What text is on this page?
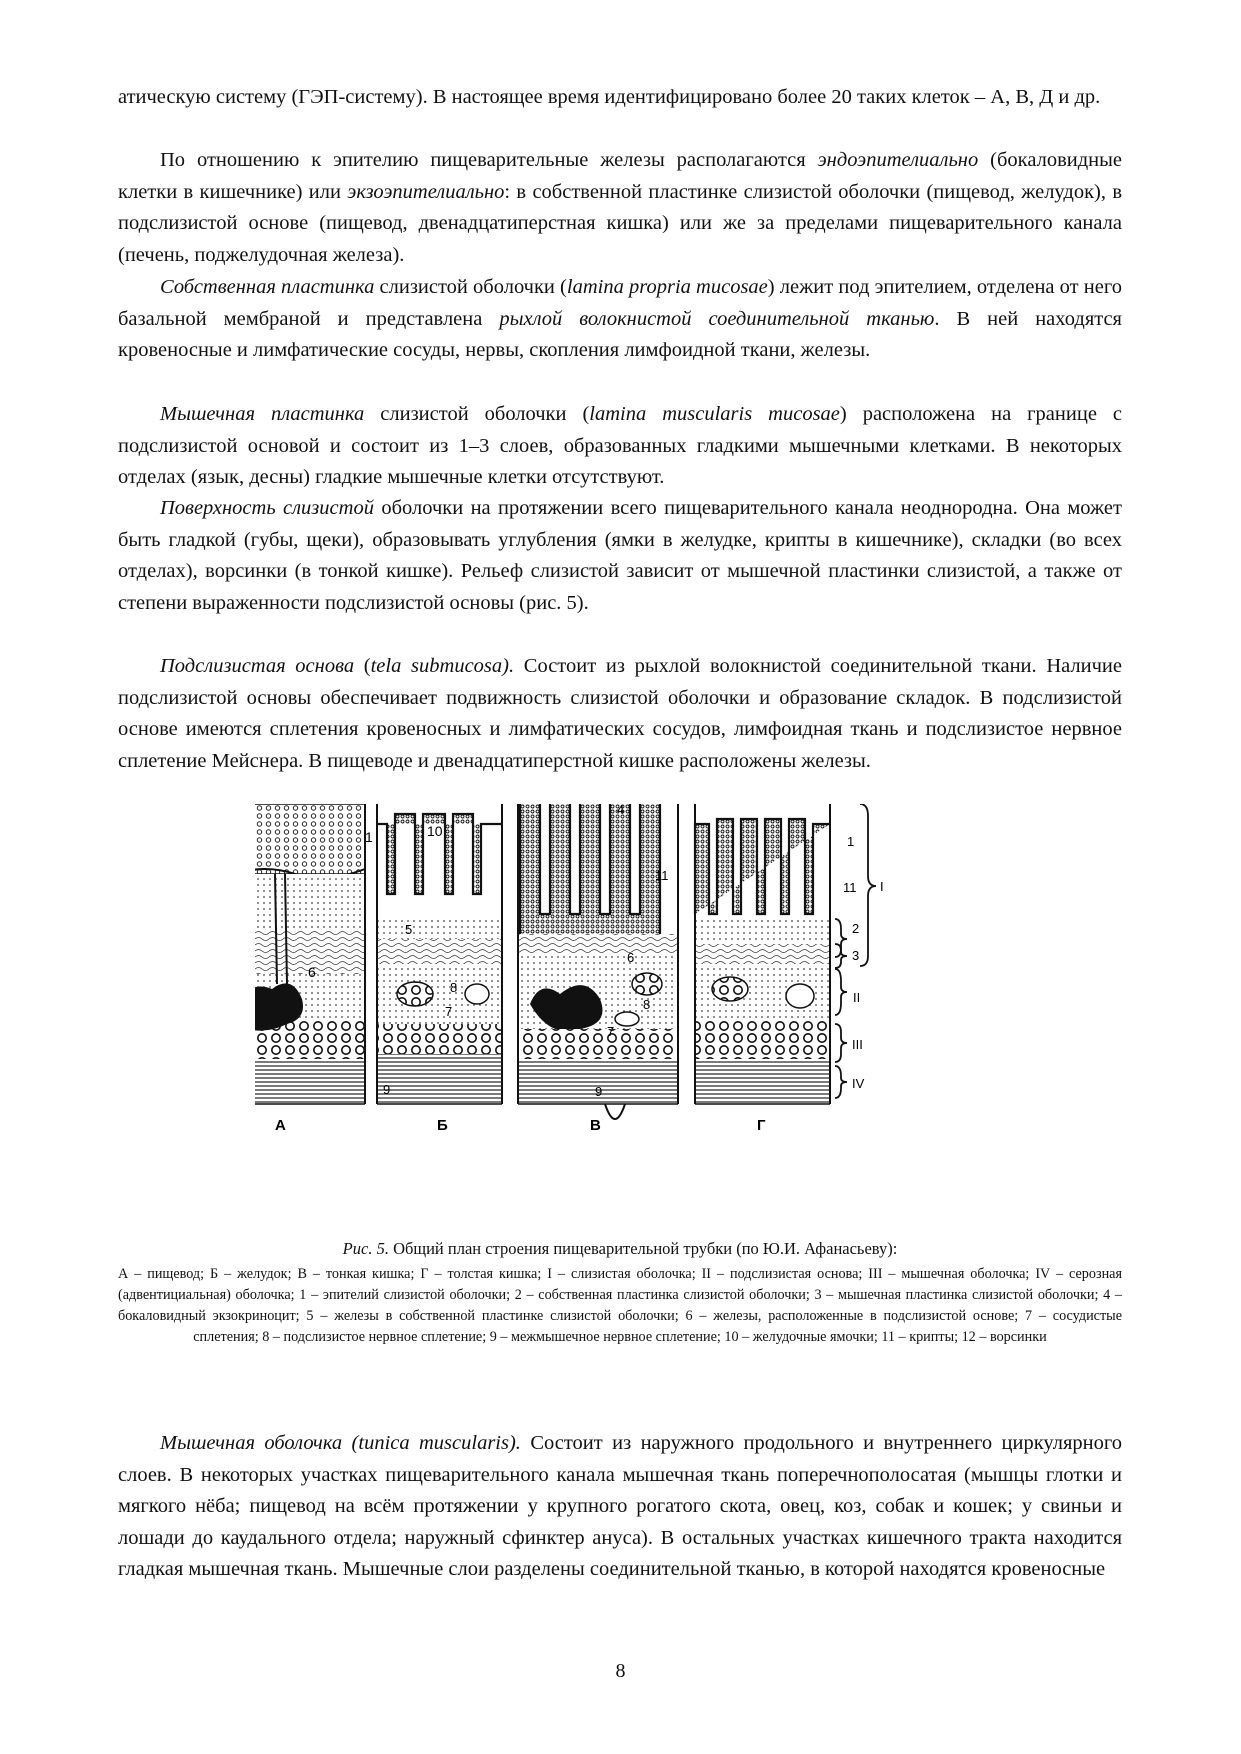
атическую систему (ГЭП-систему). В настоящее время идентифицировано более 20 таких клеток – А, В, Д и др.

По отношению к эпителию пищеварительные железы располагаются эндоэпителиально (бокаловидные клетки в кишечнике) или экзоэпителиально: в собственной пластинке слизистой оболочки (пищевод, желудок), в подслизистой основе (пищевод, двенадцатиперстная кишка) или же за пределами пищеварительного канала (печень, поджелудочная железа).

Собственная пластинка слизистой оболочки (lamina propria mucosae) лежит под эпителием, отделена от него базальной мембраной и представлена рыхлой волокнистой соединительной тканью. В ней находятся кровеносные и лимфатические сосуды, нервы, скопления лимфоидной ткани, железы.

Мышечная пластинка слизистой оболочки (lamina muscularis mucosae) расположена на границе с подслизистой основой и состоит из 1–3 слоев, образованных гладкими мышечными клетками. В некоторых отделах (язык, десны) гладкие мышечные клетки отсутствуют.

Поверхность слизистой оболочки на протяжении всего пищеварительного канала неоднородна. Она может быть гладкой (губы, щеки), образовывать углубления (ямки в желудке, крипты в кишечнике), складки (во всех отделах), ворсинки (в тонкой кишке). Рельеф слизистой зависит от мышечной пластинки слизистой, а также от степени выраженности подслизистой основы (рис. 5).

Подслизистая основа (tela submucosa). Состоит из рыхлой волокнистой соединительной ткани. Наличие подслизистой основы обеспечивает подвижность слизистой оболочки и образование складок. В подслизистой основе имеются сплетения кровеносных и лимфатических сосудов, лимфоидная ткань и подслизистое нервное сплетение Мейснера. В пищеводе и двенадцатиперстной кишке расположены железы.

А
1
6
Б
10
5
8
7
9
В
4
11
6
8
7
9
Г
1
11
2
3
I
II
III
IV

Рис. 5. Общий план строения пищеварительной трубки (по Ю.И. Афанасьеву):

А – пищевод; Б – желудок; В – тонкая кишка; Г – толстая кишка; I – слизистая оболочка; II – подслизистая основа; III – мышечная оболочка; IV – серозная (адвентициальная) оболочка; 1 – эпителий слизистой оболочки; 2 – собственная пластинка слизистой оболочки; 3 – мышечная пластинка слизистой оболочки; 4 – бокаловидный экзокриноцит; 5 – железы в собственной пластинке слизистой оболочки; 6 – железы, расположенные в подслизистой основе; 7 – сосудистые сплетения; 8 – подслизистое нервное сплетение; 9 – межмышечное нервное сплетение; 10 – желудочные ямочки; 11 – крипты; 12 – ворсинки

Мышечная оболочка (tunica muscularis). Состоит из наружного продольного и внутреннего циркулярного слоев. В некоторых участках пищеварительного канала мышечная ткань поперечнополосатая (мышцы глотки и мягкого нёба; пищевод на всём протяжении у крупного рогатого скота, овец, коз, собак и кошек; у свиньи и лошади до каудального отдела; наружный сфинктер ануса). В остальных участках кишечного тракта находится гладкая мышечная ткань. Мышечные слои разделены соединительной тканью, в которой находятся кровеносные

8
